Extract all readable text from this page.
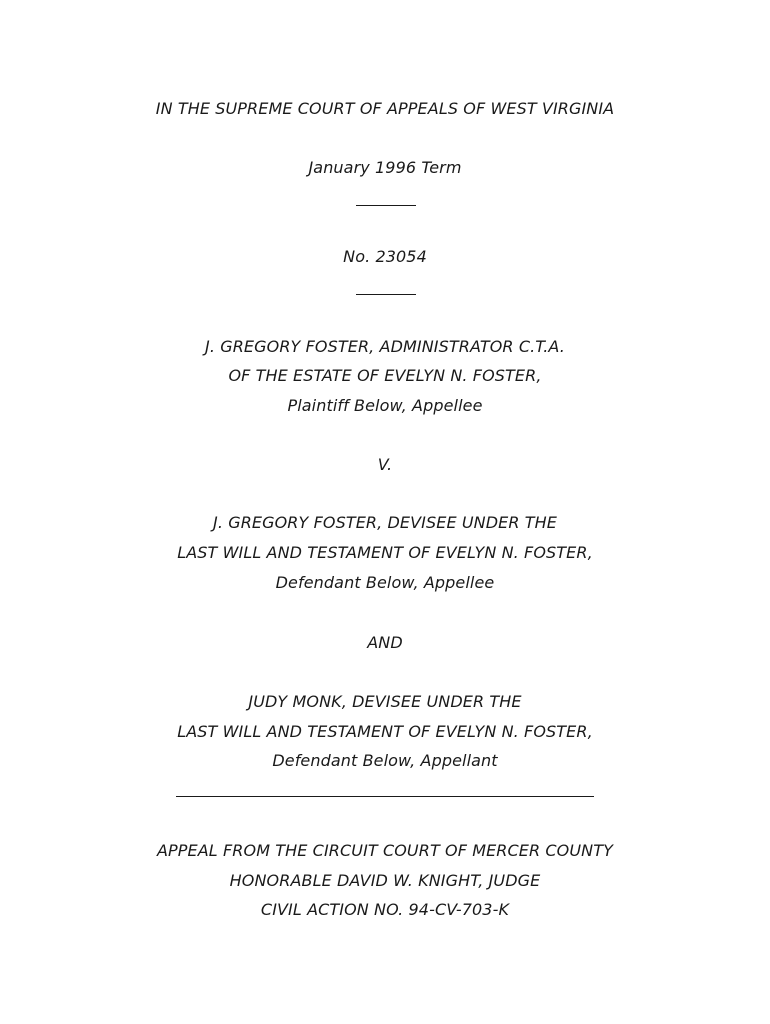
IN THE SUPREME COURT OF APPEALS OF WEST VIRGINIA
January 1996 Term
No. 23054
J. GREGORY FOSTER, ADMINISTRATOR C.T.A.
OF THE ESTATE OF EVELYN N. FOSTER,
Plaintiff Below, Appellee
V.
J. GREGORY FOSTER, DEVISEE UNDER THE
LAST WILL AND TESTAMENT OF EVELYN N. FOSTER,
Defendant Below, Appellee
AND
JUDY MONK, DEVISEE UNDER THE
LAST WILL AND TESTAMENT OF EVELYN N. FOSTER,
Defendant Below, Appellant
APPEAL FROM THE CIRCUIT COURT OF MERCER COUNTY
HONORABLE DAVID W. KNIGHT, JUDGE
CIVIL ACTION NO. 94-CV-703-K
